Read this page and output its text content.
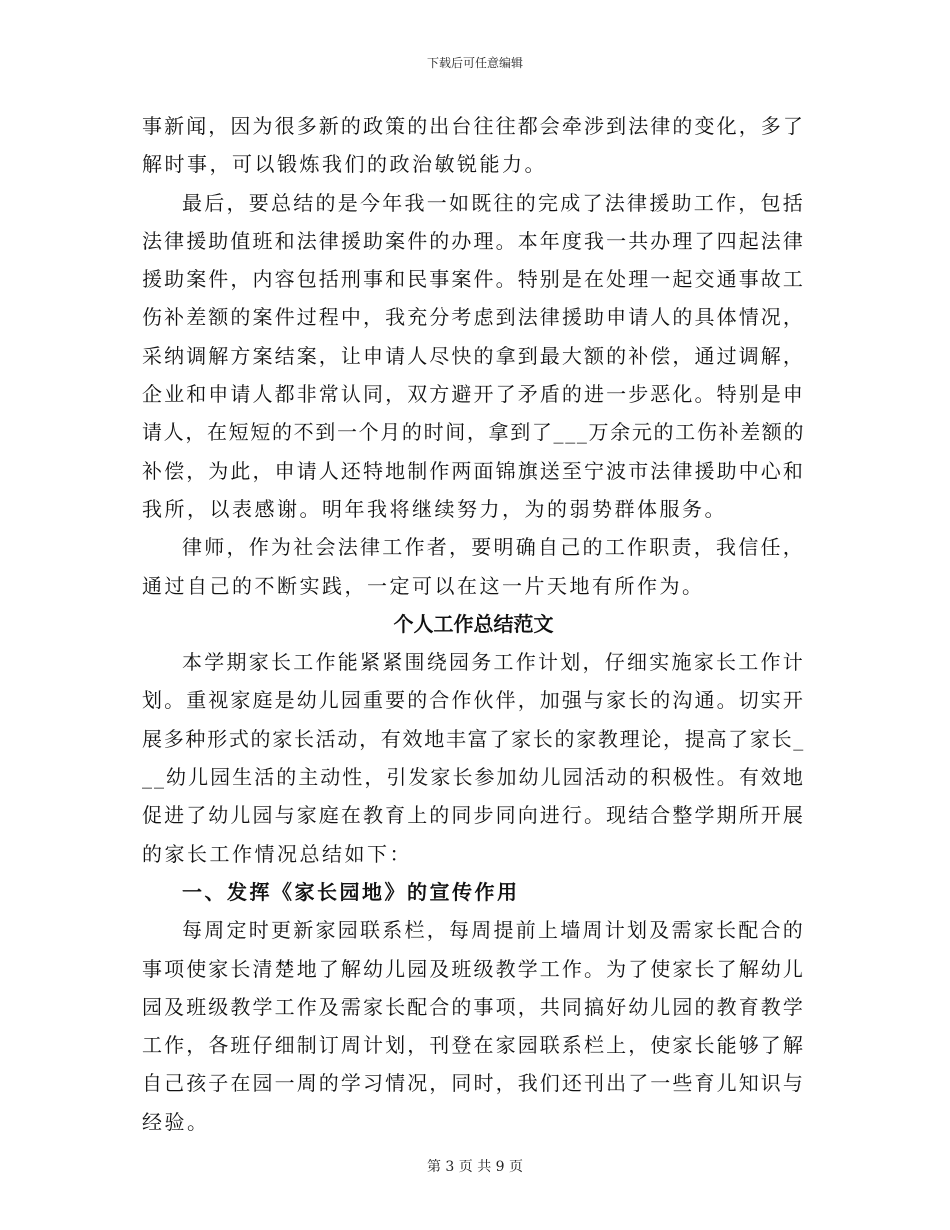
下载后可任意编辑
事新闻，因为很多新的政策的出台往往都会牵涉到法律的变化，多了
解时事，可以锻炼我们的政治敏锐能力。
最后，要总结的是今年我一如既往的完成了法律援助工作，包括
法律援助值班和法律援助案件的办理。本年度我一共办理了四起法律
援助案件，内容包括刑事和民事案件。特别是在处理一起交通事故工
伤补差额的案件过程中，我充分考虑到法律援助申请人的具体情况，
采纳调解方案结案，让申请人尽快的拿到最大额的补偿，通过调解，
企业和申请人都非常认同，双方避开了矛盾的进一步恶化。特别是申
请人，在短短的不到一个月的时间，拿到了___万余元的工伤补差额的
补偿，为此，申请人还特地制作两面锦旗送至宁波市法律援助中心和
我所，以表感谢。明年我将继续努力，为的弱势群体服务。
律师，作为社会法律工作者，要明确自己的工作职责，我信任，
通过自己的不断实践，一定可以在这一片天地有所作为。
个人工作总结范文
本学期家长工作能紧紧围绕园务工作计划，仔细实施家长工作计
划。重视家庭是幼儿园重要的合作伙伴，加强与家长的沟通。切实开
展多种形式的家长活动，有效地丰富了家长的家教理论，提高了家长_
__幼儿园生活的主动性，引发家长参加幼儿园活动的积极性。有效地
促进了幼儿园与家庭在教育上的同步同向进行。现结合整学期所开展
的家长工作情况总结如下：
一、发挥《家长园地》的宣传作用
每周定时更新家园联系栏，每周提前上墙周计划及需家长配合的
事项使家长清楚地了解幼儿园及班级教学工作。为了使家长了解幼儿
园及班级教学工作及需家长配合的事项，共同搞好幼儿园的教育教学
工作，各班仔细制订周计划，刊登在家园联系栏上，使家长能够了解
自己孩子在园一周的学习情况，同时，我们还刊出了一些育儿知识与
经验。
第 3 页 共 9 页
